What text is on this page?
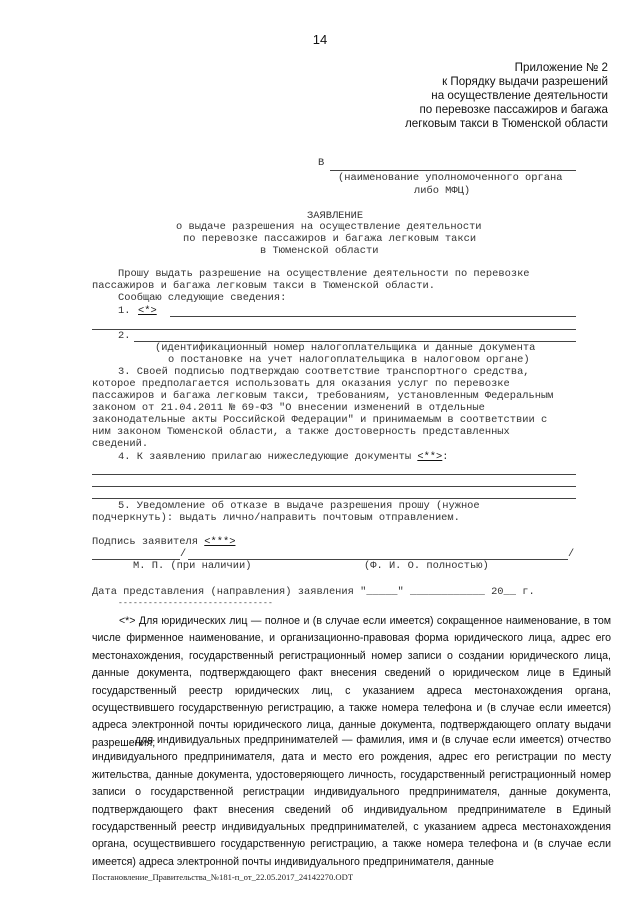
14
Приложение № 2
к Порядку выдачи разрешений
на осуществление деятельности
по перевозке пассажиров и багажа
легковым такси в Тюменской области
В
(наименование уполномоченного органа
либо МФЦ)
ЗАЯВЛЕНИЕ
о выдаче разрешения на осуществление деятельности
по перевозке пассажиров и багажа легковым такси
в Тюменской области
Прошу выдать разрешение на осуществление деятельности по перевозке
пассажиров и багажа легковым такси в Тюменской области.
Сообщаю следующие сведения:
1. <*>
2.
(идентификационный номер налогоплательщика и данные документа
о постановке на учет налогоплательщика в налоговом органе)
3. Своей подписью подтверждаю соответствие транспортного средства,
которое предполагается использовать для оказания услуг по перевозке
пассажиров и багажа легковым такси, требованиям, установленным Федеральным
законом от 21.04.2011 № 69-ФЗ "О внесении изменений в отдельные
законодательные акты Российской Федерации" и принимаемым в соответствии с
ним законом Тюменской области, а также достоверность представленных
сведений.
4. К заявлению прилагаю нижеследующие документы <**>:
5. Уведомление об отказе в выдаче разрешения прошу (нужное
подчеркнуть): выдать лично/направить почтовым отправлением.
Подпись заявителя <***>
/	/
М. П. (при наличии)	(Ф. И. О. полностью)
Дата представления (направления) заявления "_____" ____________ 20__ г.
-------------------------------

<*> Для юридических лиц — полное и (в случае если имеется) сокращенное наименование, в том числе фирменное наименование, и организационно-правовая форма юридического лица, адрес его местонахождения, государственный регистрационный номер записи о создании юридического лица, данные документа, подтверждающего факт внесения сведений о юридическом лице в Единый государственный реестр юридических лиц, с указанием адреса местонахождения органа, осуществившего государственную регистрацию, а также номера телефона и (в случае если имеется) адреса электронной почты юридического лица, данные документа, подтверждающего оплату выдачи разрешения;

для индивидуальных предпринимателей — фамилия, имя и (в случае если имеется) отчество индивидуального предпринимателя, дата и место его рождения, адрес его регистрации по месту жительства, данные документа, удостоверяющего личность, государственный регистрационный номер записи о государственной регистрации индивидуального предпринимателя, данные документа, подтверждающего факт внесения сведений об индивидуальном предпринимателе в Единый государственный реестр индивидуальных предпринимателей, с указанием адреса местонахождения органа, осуществившего государственную регистрацию, а также номера телефона и (в случае если имеется) адреса электронной почты индивидуального предпринимателя, данные

Постановление_Правительства_№181-п_от_22.05.2017_24142270.ODT
